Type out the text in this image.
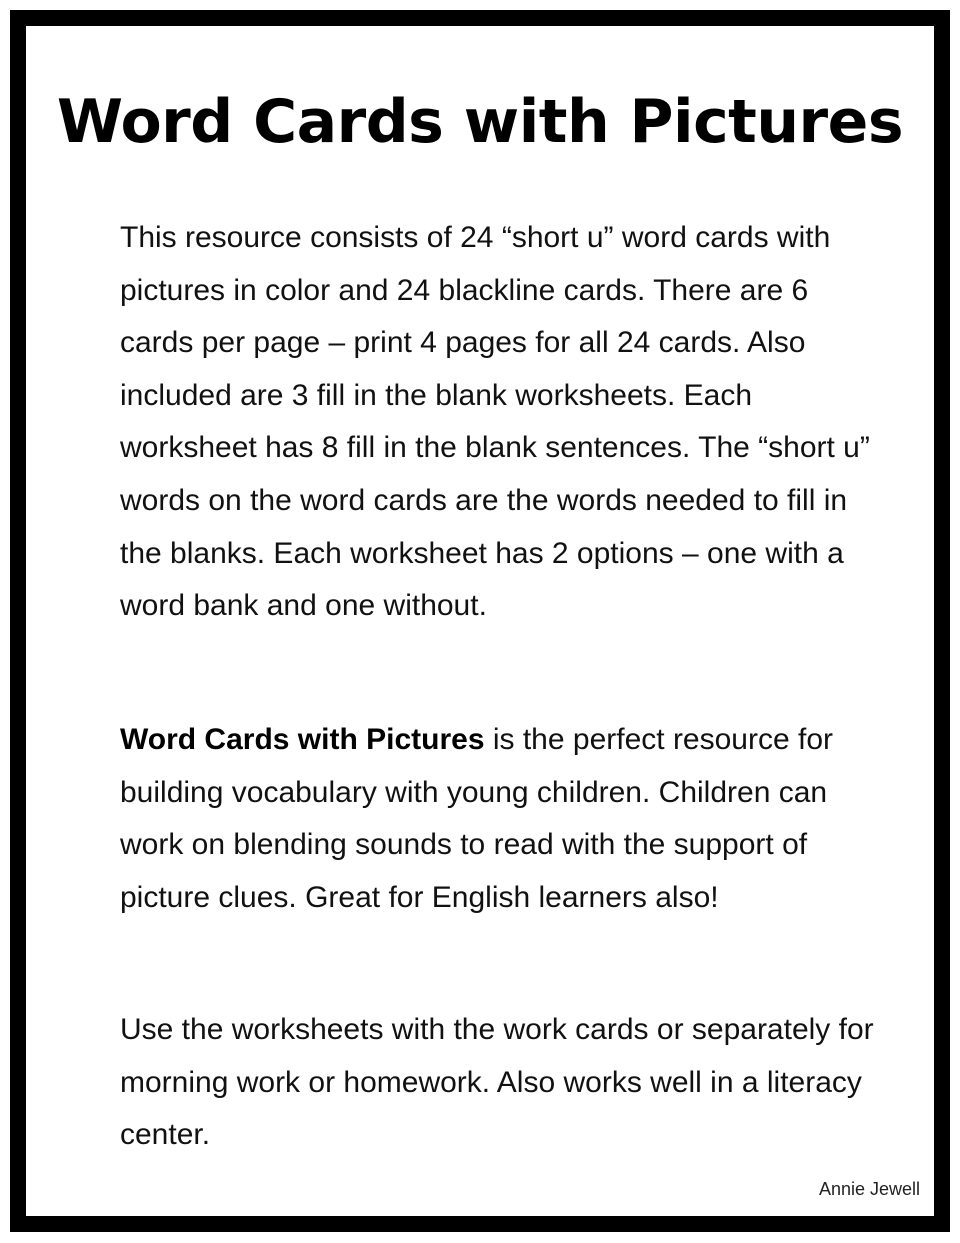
Word Cards with Pictures

This resource consists of 24 “short u” word cards with pictures in color and 24 blackline cards. There are 6 cards per page – print 4 pages for all 24 cards. Also included are 3 fill in the blank worksheets. Each worksheet has 8 fill in the blank sentences. The “short u” words on the word cards are the words needed to fill in the blanks. Each worksheet has 2 options – one with a word bank and one without.

Word Cards with Pictures is the perfect resource for building vocabulary with young children. Children can work on blending sounds to read with the support of picture clues. Great for English learners also!

Use the worksheets with the work cards or separately for morning work or homework. Also works well in a literacy center.

Annie Jewell
